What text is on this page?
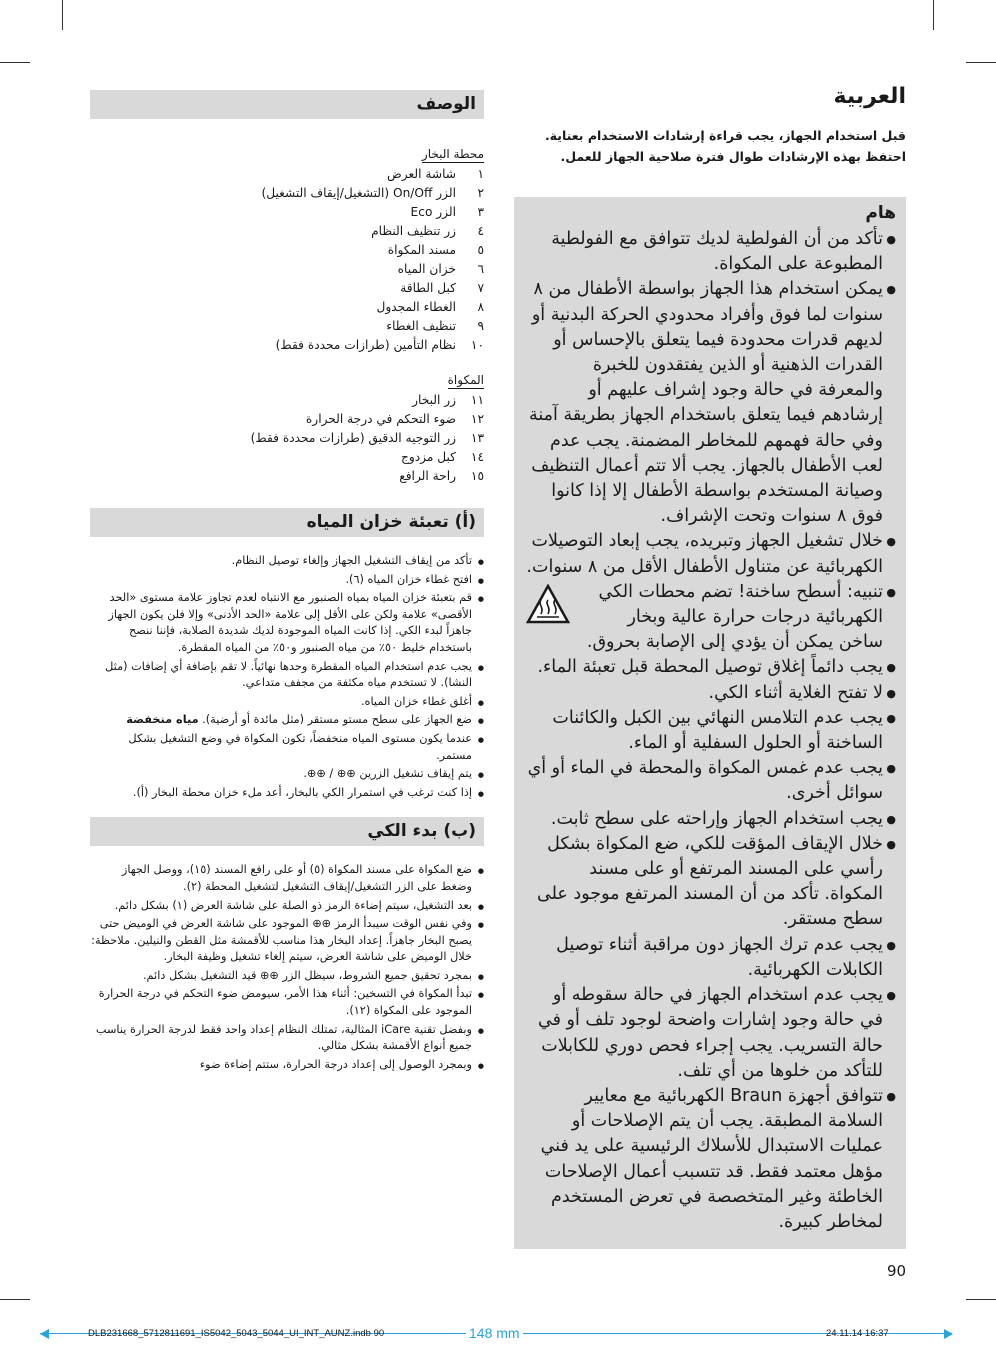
العربية

قبل استخدام الجهاز، يجب قراءة إرشادات الاستخدام بعناية. احتفظ بهذه الإرشادات طوال فترة صلاحية الجهاز للعمل.

هام
● تأكد من أن الفولطية لديك تتوافق مع الفولطية المطبوعة على المكواة.
● يمكن استخدام هذا الجهاز بواسطة الأطفال من ٨ سنوات لما فوق وأفراد محدودي الحركة البدنية أو لديهم قدرات محدودة فيما يتعلق بالإحساس أو القدرات الذهنية أو الذين يفتقدون للخبرة والمعرفة في حالة وجود إشراف عليهم أو إرشادهم فيما يتعلق باستخدام الجهاز بطريقة آمنة وفي حالة فهمهم للمخاطر المضمنة. يجب عدم لعب الأطفال بالجهاز. يجب ألا تتم أعمال التنظيف وصيانة المستخدم بواسطة الأطفال إلا إذا كانوا فوق ٨ سنوات وتحت الإشراف.
● خلال تشغيل الجهاز وتبريده، يجب إبعاد التوصيلات الكهربائية عن متناول الأطفال الأقل من ٨ سنوات.
● تنبيه: أسطح ساخنة! تضم محطات الكي الكهربائية درجات حرارة عالية وبخار ساخن يمكن أن يؤدي إلى الإصابة بحروق.
● يجب دائماً إغلاق توصيل المحطة قبل تعبئة الماء.
● لا تفتح الغلاية أثناء الكي.
● يجب عدم التلامس النهائي بين الكبل والكائنات الساخنة أو الحلول السفلية أو الماء.
● يجب عدم غمس المكواة والمحطة في الماء أو أي سوائل أخرى.
● يجب استخدام الجهاز وإراحته على سطح ثابت.
● خلال الإيقاف المؤقت للكي، ضع المكواة بشكل رأسي على المسند المرتفع أو على مسند المكواة. تأكد من أن المسند المرتفع موجود على سطح مستقر.
● يجب عدم ترك الجهاز دون مراقبة أثناء توصيل الكابلات الكهربائية.
● يجب عدم استخدام الجهاز في حالة سقوطه أو في حالة وجود إشارات واضحة لوجود تلف أو في حالة التسريب. يجب إجراء فحص دوري للكابلات للتأكد من خلوها من أي تلف.
● تتوافق أجهزة Braun الكهربائية مع معايير السلامة المطبقة. يجب أن يتم الإصلاحات أو عمليات الاستبدال للأسلاك الرئيسية على يد فني مؤهل معتمد فقط. قد تتسبب أعمال الإصلاحات الخاطئة وغير المتخصصة في تعرض المستخدم لمخاطر كبيرة.
الوصف
محطة البخار
١
شاشة العرض
٢
الزر On/Off (التشغيل/إيقاف التشغيل)
٣
الزر Eco
٤
زر تنظيف النظام
٥
مسند المكواة
٦
خزان المياه
٧
كبل الطاقة
٨
الغطاء المجدول
٩
تنظيف الغطاء
١٠
نظام التأمين (طرازات محددة فقط)
المكواة
١١
زر البخار
١٢
ضوء التحكم في درجة الحرارة
١٣
زر التوجيه الدقيق (طرازات محددة فقط)
١٤
كبل مزدوج
١٥
راحة الرافع
(أ) تعبئة خزان المياه
● تأكد من إيقاف التشغيل الجهاز وإلغاء توصيل النظام.
● افتح غطاء خزان المياه (٦).
● قم بتعبئة خزان المياه بمياه الصنبور مع الانتباه لعدم تجاوز علامة مستوى «الحد الأقصى» علامة ولكن على الأقل إلى علامة «الحد الأدنى» وإلا فلن يكون الجهاز جاهزاً لبدء الكي. إذا كانت المياه الموجودة لديك شديدة الصلابة، فإننا ننصح باستخدام خليط ٥٠٪ من مياه الصنبور و٥٠٪ من المياه المقطرة.
● يجب عدم استخدام المياه المقطرة وحدها نهائياً. لا تقم بإضافة أي إضافات (مثل النشا). لا تستخدم مياه مكثفة من مجفف متداعي.
● أغلق غطاء خزان المياه.
● ضع الجهاز على سطح مستو مستقر (مثل مائدة أو أرضية). مياه منخفضة
● عندما يكون مستوى المياه منخفضاً، تكون المكواة في وضع التشغيل بشكل مستمر.
● يتم إيقاف تشغيل الزرين ⊕⊕ / ⊕⊕.
● إذا كنت ترغب في استمرار الكي بالبخار، أعد ملء خزان محطة البخار (أ).
(ب) بدء الكي
● ضع المكواة على مسند المكواة (٥) أو على رافع المسند (١٥)، ووصل الجهاز وضغط على الزر التشغيل/إيقاف التشغيل لتشغيل المحطة (٢).
● بعد التشغيل، سيتم إضاءة الرمز ذو الصلة على شاشة العرض (١) بشكل دائم.
● وفي نفس الوقت سيبدأ الرمز ⊕⊕ الموجود على شاشة العرض في الوميض حتى يصبح البخار جاهزاً. إعداد البخار هذا مناسب للأقمشة مثل القطن والنيلين. ملاحظة: خلال الوميض على شاشة العرض، سيتم إلغاء تشغيل وظيفة البخار.
● بمجرد تحقيق جميع الشروط، سيظل الزر ⊕⊕ قيد التشغيل بشكل دائم.
● تبدأ المكواة في التسخين: أثناء هذا الأمر، سيومض ضوء التحكم في درجة الحرارة الموجود على المكواة (١٢).
● وبفضل تقنية iCare المثالية، تمتلك النظام إعداد واحد فقط لدرجة الحرارة يناسب جميع أنواع الأقمشة بشكل مثالي.
● وبمجرد الوصول إلى إعداد درجة الحرارة، ستتم إضاءة ضوء
90
148 mm
DLB231668_5712811691_IS5042_5043_5044_UI_INT_AUNZ.indb 90	24.11.14 16:37
